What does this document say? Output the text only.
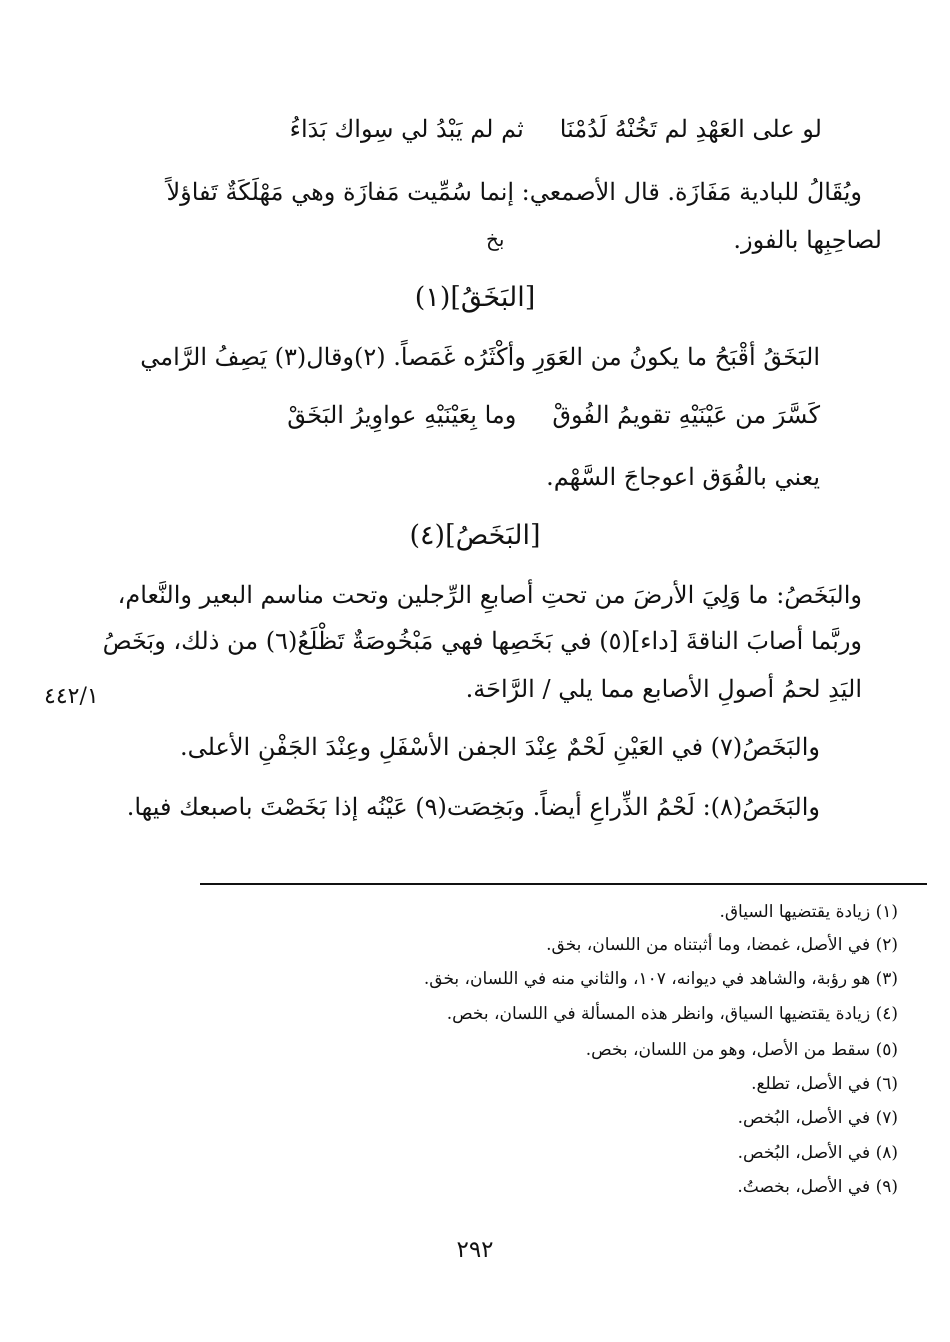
لو على العَهْدِ لم تَخُنْهُ لَدُمْنَا
ثم لم يَبْدُ لي سِواك بَدَاءُ
ويُقَالُ للبادية مَفَازَة. قال الأصمعي: إنما سُمِّيت مَفازَة وهي مَهْلَكَةٌ تَفاؤلاً
لصاحِبِها بالفوز.
بخ
[البَخَقُ](١)
البَخَقُ أقْبَحُ ما يكونُ من العَوَرِ وأكْثَرُه غَمَصاً. (٢)وقال(٣) يَصِفُ الرَّامي
كَسَّرَ من عَيْنَيْهِ تقويمُ الفُوقْ
وما بِعَيْنَيْهِ عواوِيرُ البَخَقْ
يعني بالفُوَق اعوجاجَ السَّهْم.
[البَخَصُ](٤)
والبَخَصُ: ما وَلِيَ الأرضَ من تحتِ أصابعِ الرِّجلين وتحت مناسم البعير والنَّعام،
وربَّما أصابَ الناقةَ [داء](٥) في بَخَصِها فهي مَبْخُوصَةٌ تَظْلَعُ(٦) من ذلك، وبَخَصُ
اليَدِ لحمُ أصولِ الأصابع مما يلي / الرَّاحَة.
٤٤٢/١
والبَخَصُ(٧) في العَيْنِ لَحْمٌ عِنْدَ الجفن الأسْفَلِ وعِنْدَ الجَفْنِ الأعلى.
والبَخَصُ(٨): لَحْمُ الذِّراعِ أيضاً. وبَخِصَت(٩) عَيْنُه إذا بَخَصْتَ باصبعك فيها.
(١) زيادة يقتضيها السياق.
(٢) في الأصل، غمضا، وما أثبتناه من اللسان، بخق.
(٣) هو رؤبة، والشاهد في ديوانه، ١٠٧، والثاني منه في اللسان، بخق.
(٤) زيادة يقتضيها السياق، وانظر هذه المسألة في اللسان، بخص.
(٥) سقط من الأصل، وهو من اللسان، بخص.
(٦) في الأصل، تطلع.
(٧) في الأصل، البُخص.
(٨) في الأصل، البُخص.
(٩) في الأصل، بخصتُ.
٢٩٢
